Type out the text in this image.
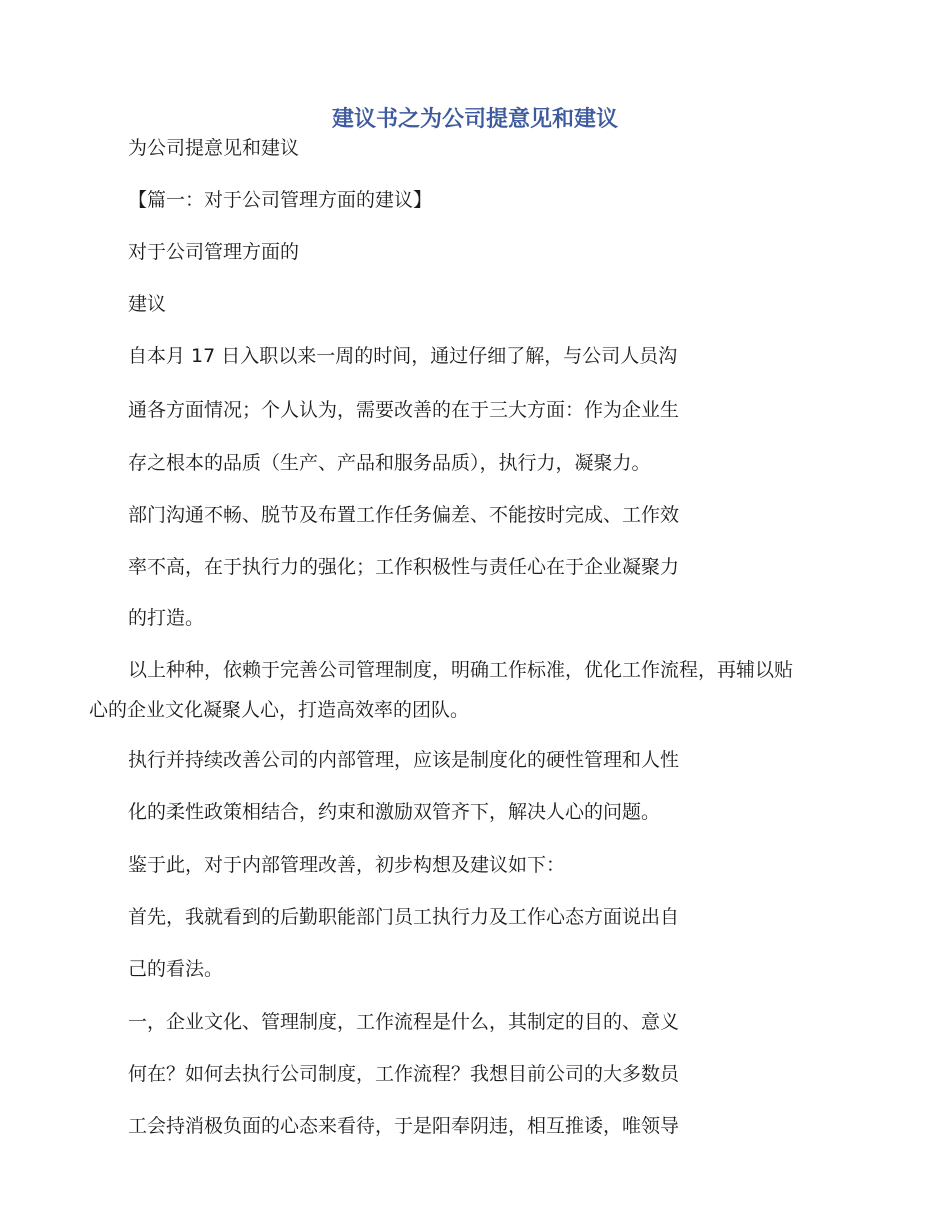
建议书之为公司提意见和建议

为公司提意见和建议

【篇一：对于公司管理方面的建议】

对于公司管理方面的

建议

自本月 17 日入职以来一周的时间，通过仔细了解，与公司人员沟

通各方面情况；个人认为，需要改善的在于三大方面：作为企业生

存之根本的品质（生产、产品和服务品质），执行力，凝聚力。

部门沟通不畅、脱节及布置工作任务偏差、不能按时完成、工作效

率不高，在于执行力的强化；工作积极性与责任心在于企业凝聚力

的打造。

以上种种，依赖于完善公司管理制度，明确工作标准，优化工作流程，再辅以贴

心的企业文化凝聚人心，打造高效率的团队。

执行并持续改善公司的内部管理，应该是制度化的硬性管理和人性

化的柔性政策相结合，约束和激励双管齐下，解决人心的问题。

鉴于此，对于内部管理改善，初步构想及建议如下：

首先，我就看到的后勤职能部门员工执行力及工作心态方面说出自

己的看法。

一，企业文化、管理制度，工作流程是什么，其制定的目的、意义

何在？如何去执行公司制度，工作流程？我想目前公司的大多数员

工会持消极负面的心态来看待，于是阳奉阴违，相互推诿，唯领导
